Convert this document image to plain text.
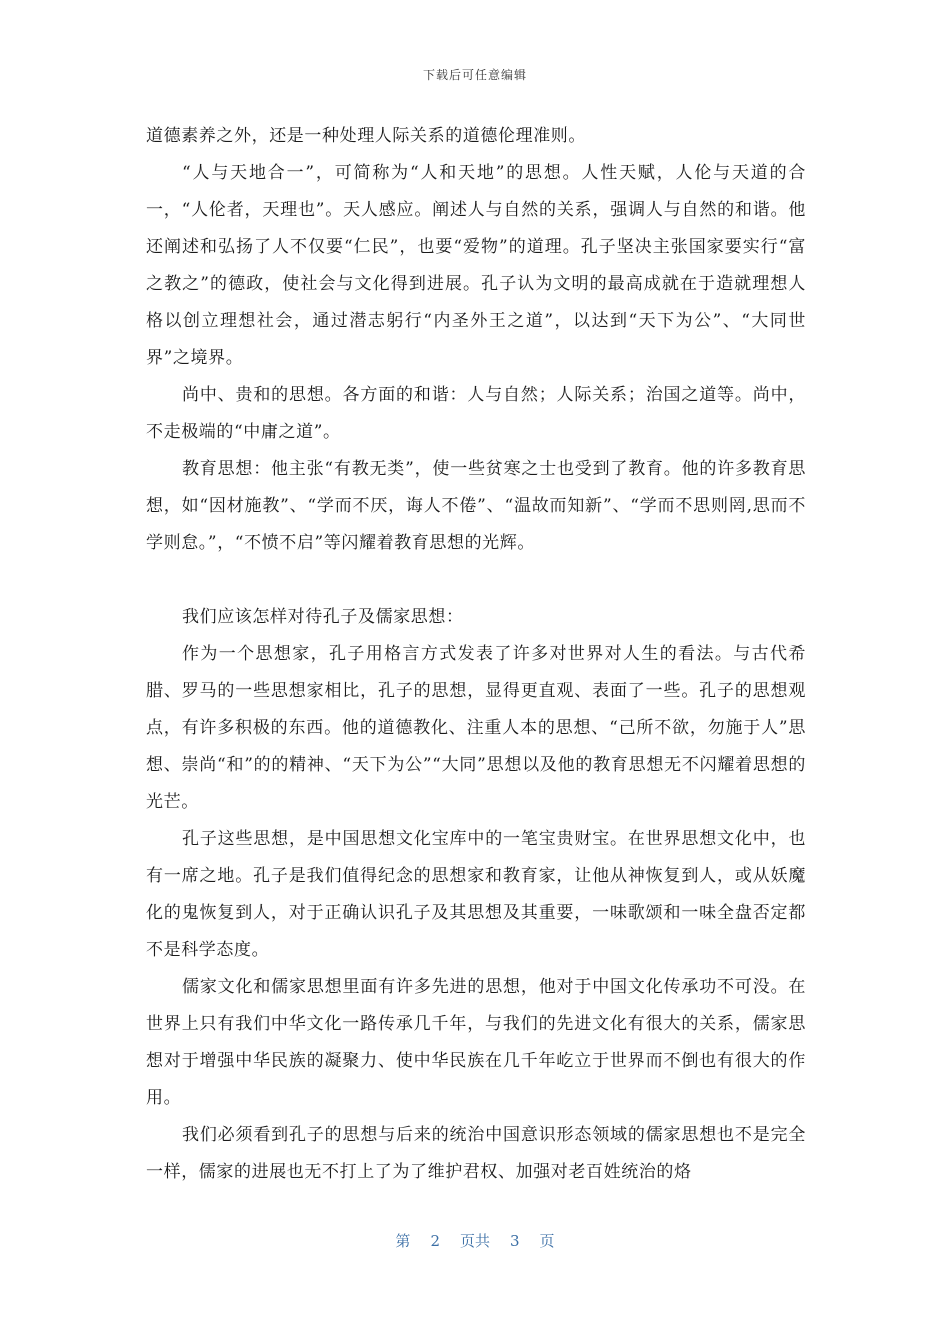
下载后可任意编辑

道德素养之外，还是一种处理人际关系的道德伦理准则。

“人与天地合一”，可简称为“人和天地”的思想。人性天赋，人伦与天道的合一，“人伦者，天理也”。天人感应。阐述人与自然的关系，强调人与自然的和谐。他还阐述和弘扬了人不仅要“仁民”，也要“爱物”的道理。孔子坚决主张国家要实行“富之教之”的德政，使社会与文化得到进展。孔子认为文明的最高成就在于造就理想人格以创立理想社会，通过潜志躬行“内圣外王之道”，以达到“天下为公”、“大同世界”之境界。

尚中、贵和的思想。各方面的和谐：人与自然；人际关系；治国之道等。尚中，不走极端的“中庸之道”。

教育思想：他主张“有教无类”，使一些贫寒之士也受到了教育。他的许多教育思想，如“因材施教”、“学而不厌，诲人不倦”、“温故而知新”、“学而不思则罔,思而不学则怠。”，“不愤不启”等闪耀着教育思想的光辉。

我们应该怎样对待孔子及儒家思想：

作为一个思想家，孔子用格言方式发表了许多对世界对人生的看法。与古代希腊、罗马的一些思想家相比，孔子的思想，显得更直观、表面了一些。孔子的思想观点，有许多积极的东西。他的道德教化、注重人本的思想、“己所不欲，勿施于人”思想、崇尚“和”的的精神、“天下为公”“大同”思想以及他的教育思想无不闪耀着思想的光芒。

孔子这些思想，是中国思想文化宝库中的一笔宝贵财宝。在世界思想文化中，也有一席之地。孔子是我们值得纪念的思想家和教育家，让他从神恢复到人，或从妖魔化的鬼恢复到人，对于正确认识孔子及其思想及其重要，一味歌颂和一味全盘否定都不是科学态度。

儒家文化和儒家思想里面有许多先进的思想，他对于中国文化传承功不可没。在世界上只有我们中华文化一路传承几千年，与我们的先进文化有很大的关系，儒家思想对于增强中华民族的凝聚力、使中华民族在几千年屹立于世界而不倒也有很大的作用。

我们必须看到孔子的思想与后来的统治中国意识形态领域的儒家思想也不是完全一样，儒家的进展也无不打上了为了维护君权、加强对老百姓统治的烙

第 2 页共 3 页
